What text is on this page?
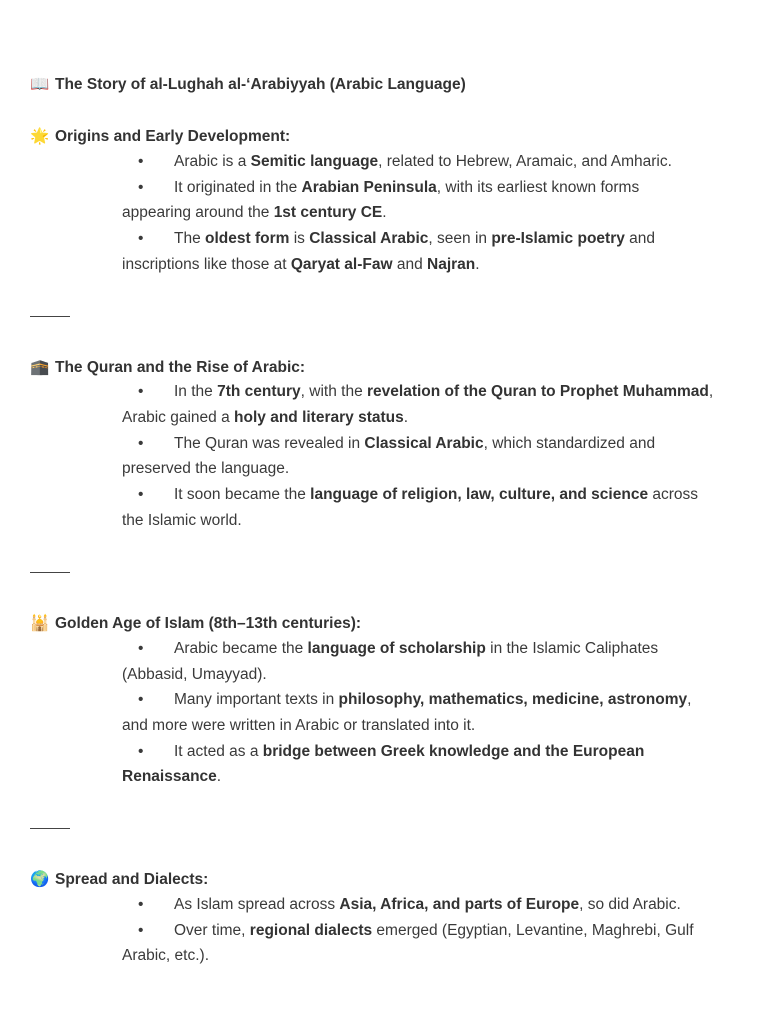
📖 The Story of al-Lughah al-‘Arabiyyah (Arabic Language)
🌟 Origins and Early Development:
• Arabic is a Semitic language, related to Hebrew, Aramaic, and Amharic.
• It originated in the Arabian Peninsula, with its earliest known forms
appearing around the 1st century CE.
• The oldest form is Classical Arabic, seen in pre-Islamic poetry and
inscriptions like those at Qaryat al-Faw and Najran.
🕋 The Quran and the Rise of Arabic:
• In the 7th century, with the revelation of the Quran to Prophet Muhammad,
Arabic gained a holy and literary status.
• The Quran was revealed in Classical Arabic, which standardized and
preserved the language.
• It soon became the language of religion, law, culture, and science across
the Islamic world.
🕌 Golden Age of Islam (8th–13th centuries):
• Arabic became the language of scholarship in the Islamic Caliphates
(Abbasid, Umayyad).
• Many important texts in philosophy, mathematics, medicine, astronomy,
and more were written in Arabic or translated into it.
• It acted as a bridge between Greek knowledge and the European
Renaissance.
🌍 Spread and Dialects:
• As Islam spread across Asia, Africa, and parts of Europe, so did Arabic.
• Over time, regional dialects emerged (Egyptian, Levantine, Maghrebi, Gulf
Arabic, etc.).
